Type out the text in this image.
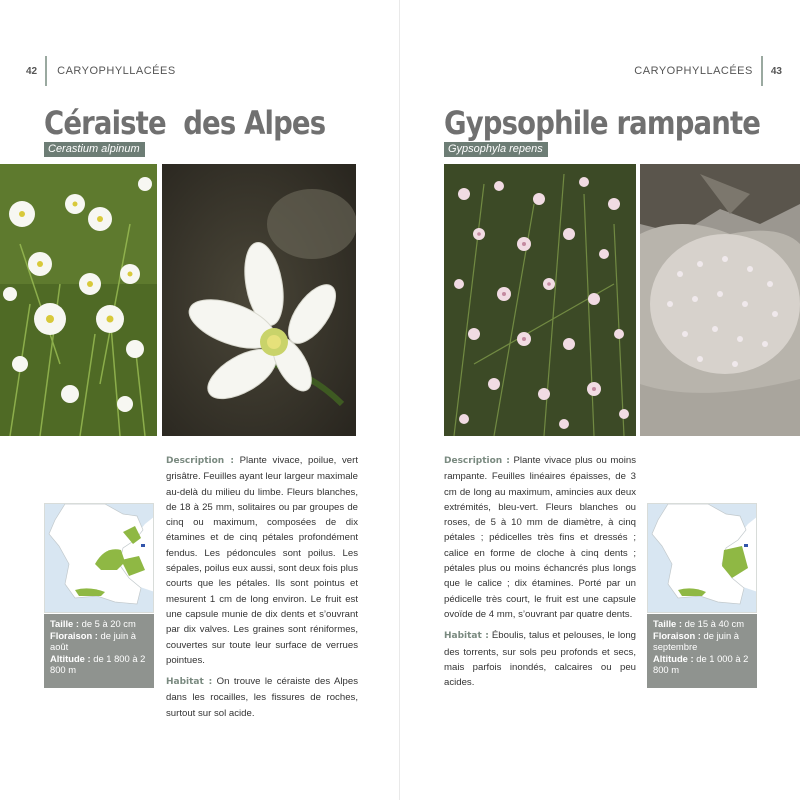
42 CARYOPHYLLACÉES
Céraiste  des Alpes
Cerastium alpinum
Taille : de 5 à 20 cm
Floraison : de juin à août
Altitude : de 1 800 à 2 800 m

Description : Plante vivace, poilue, vert grisâtre. Feuilles ayant leur largeur maximale au-delà du milieu du limbe. Fleurs blanches, de 18 à 25 mm, solitaires ou par groupes de cinq ou maximum, composées de dix étamines et de cinq pétales profondément fendus. Les pédoncules sont poilus. Les sépales, poilus eux aussi, sont deux fois plus courts que les pétales. Ils sont pointus et mesurent 1 cm de long environ. Le fruit est une capsule munie de dix dents et s’ouvrant par dix valves. Les graines sont réniformes, couvertes sur toute leur surface de verrues pointues.

Habitat : On trouve le céraiste des Alpes dans les rocailles, les fissures de roches, surtout sur sol acide.

CARYOPHYLLACÉES 43
Gypsophile rampante
Gypsophyla repens
Taille : de 15 à 40 cm
Floraison : de juin à septembre
Altitude : de 1 000 à 2 800 m

Description : Plante vivace plus ou moins rampante. Feuilles linéaires épaisses, de 3 cm de long au maximum, amincies aux deux extrémités, bleu-vert. Fleurs blanches ou roses, de 5 à 10 mm de diamètre, à cinq pétales ; pédicelles très fins et dressés ; calice en forme de cloche à cinq dents ; pétales plus ou moins échancrés plus longs que le calice ; dix étamines. Porté par un pédicelle très court, le fruit est une capsule ovoïde de 4 mm, s’ouvrant par quatre dents.

Habitat : Éboulis, talus et pelouses, le long des torrents, sur sols peu profonds et secs, mais parfois inondés, calcaires ou peu acides.
